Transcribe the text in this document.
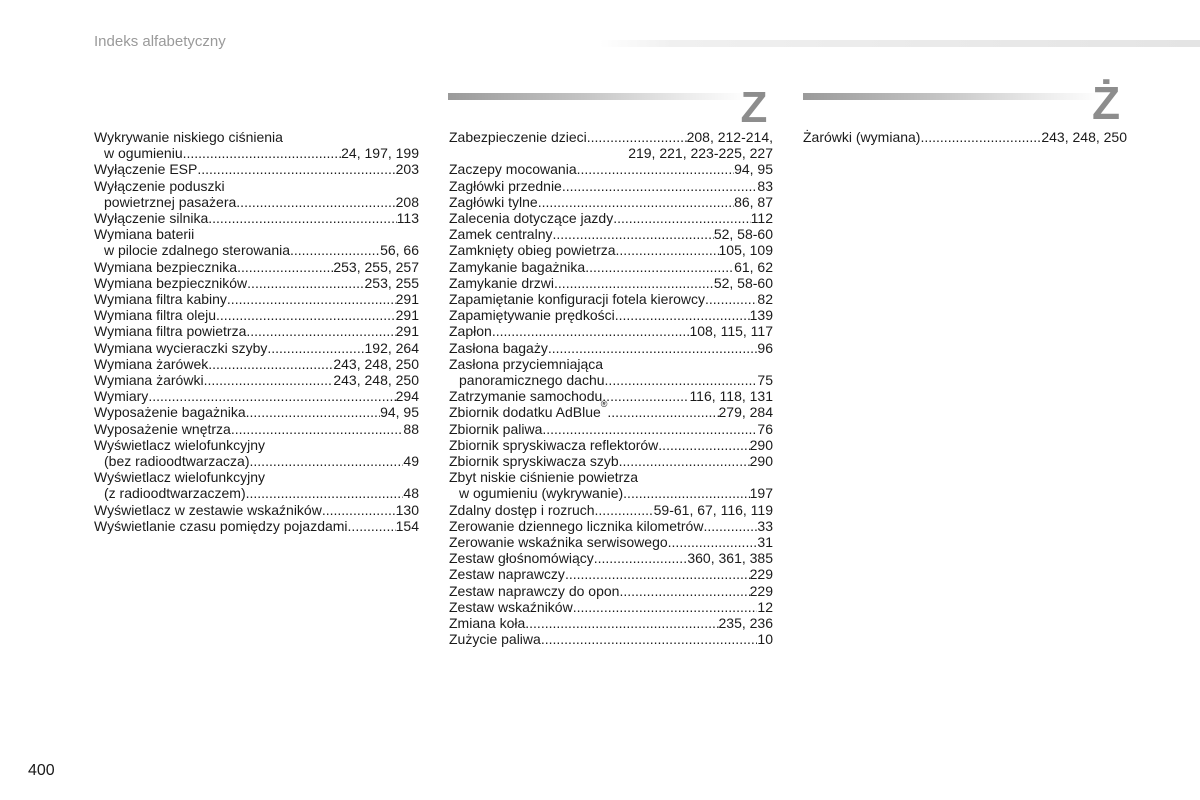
Indeks alfabetyczny
Z	Ż
Wykrywanie niskiego ciśnienia
w ogumieniu .....	24, 197, 199
Wyłączenie ESP .....	203
Wyłączenie poduszki
powietrznej pasażera .....	208
Wyłączenie silnika .....	113
Wymiana baterii
w pilocie zdalnego sterowania .....	56, 66
Wymiana bezpiecznika .....	253, 255, 257
Wymiana bezpieczników .....	253, 255
Wymiana filtra kabiny .....	291
Wymiana filtra oleju .....	291
Wymiana filtra powietrza .....	291
Wymiana wycieraczki szyby .....	192, 264
Wymiana żarówek .....	243, 248, 250
Wymiana żarówki .....	243, 248, 250
Wymiary .....	294
Wyposażenie bagażnika .....	94, 95
Wyposażenie wnętrza .....	88
Wyświetlacz wielofunkcyjny
(bez radioodtwarzacza) .....	49
Wyświetlacz wielofunkcyjny
(z radioodtwarzaczem) .....	48
Wyświetlacz w zestawie wskaźników .....	130
Wyświetlanie czasu pomiędzy pojazdami .....	154
Zabezpieczenie dzieci .....	208, 212-214,
219, 221, 223-225, 227
Zaczepy mocowania .....	94, 95
Zagłówki przednie .....	83
Zagłówki tylne .....	86, 87
Zalecenia dotyczące jazdy .....	112
Zamek centralny .....	52, 58-60
Zamknięty obieg powietrza .....	105, 109
Zamykanie bagażnika .....	61, 62
Zamykanie drzwi .....	52, 58-60
Zapamiętanie konfiguracji fotela kierowcy .....	82
Zapamiętywanie prędkości .....	139
Zapłon .....	108, 115, 117
Zasłona bagaży .....	96
Zasłona przyciemniająca
panoramicznego dachu .....	75
Zatrzymanie samochodu .....	116, 118, 131
Zbiornik dodatku AdBlue ® .....	279, 284
Zbiornik paliwa .....	76
Zbiornik spryskiwacza reflektorów .....	290
Zbiornik spryskiwacza szyb .....	290
Zbyt niskie ciśnienie powietrza
w ogumieniu (wykrywanie) .....	197
Zdalny dostęp i rozruch .....	59-61, 67, 116, 119
Zerowanie dziennego licznika kilometrów .....	33
Zerowanie wskaźnika serwisowego .....	31
Zestaw głośnomówiący .....	360, 361, 385
Zestaw naprawczy .....	229
Zestaw naprawczy do opon .....	229
Zestaw wskaźników .....	12
Zmiana koła .....	235, 236
Zużycie paliwa .....	10
Żarówki (wymiana) .....	243, 248, 250
400
